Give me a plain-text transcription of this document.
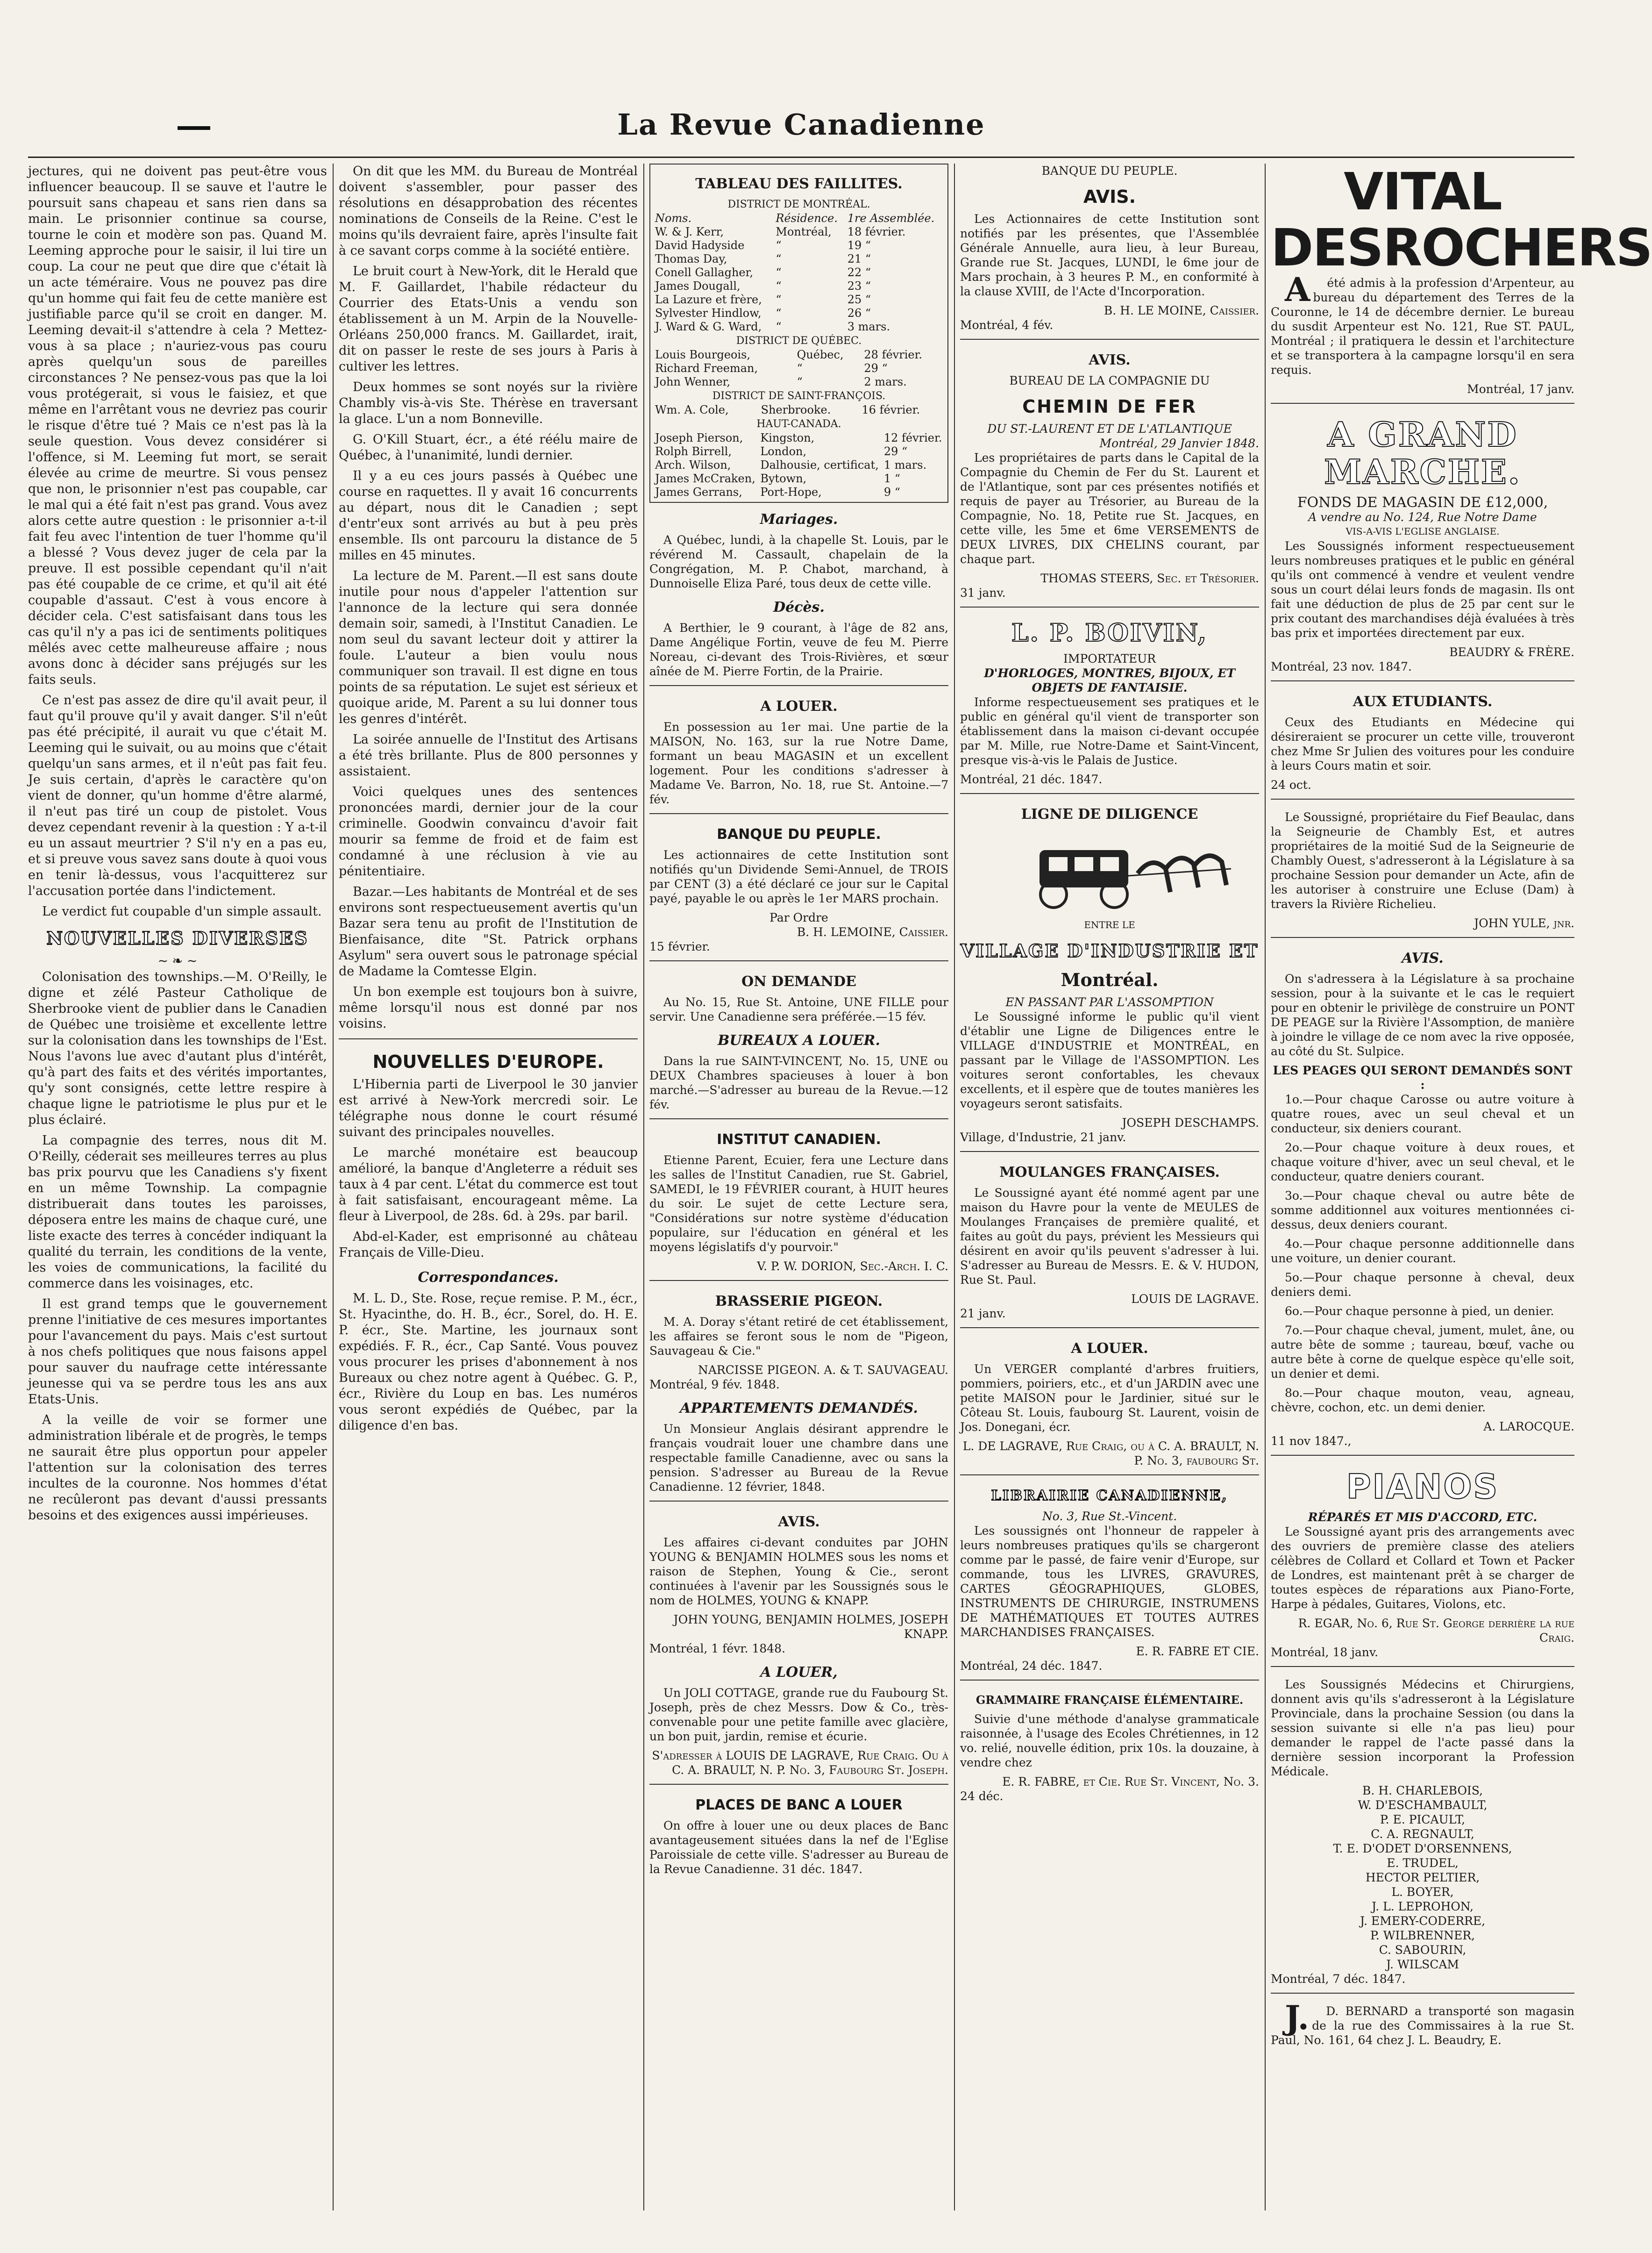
La Revue Canadienne

jectures, qui ne doivent pas peut-être vous influencer beaucoup. Il se sauve et l'autre le poursuit sans chapeau et sans rien dans sa main. Le prisonnier continue sa course, tourne le coin et modère son pas. Quand M. Leeming approche pour le saisir, il lui tire un coup. La cour ne peut que dire que c'était là un acte téméraire. Vous ne pouvez pas dire qu'un homme qui fait feu de cette manière est justifiable parce qu'il se croit en danger. M. Leeming devait-il s'attendre à cela ? Mettez-vous à sa place ; n'auriez-vous pas couru après quelqu'un sous de pareilles circonstances ? Ne pensez-vous pas que la loi vous protégerait, si vous le faisiez, et que même en l'arrêtant vous ne devriez pas courir le risque d'être tué ? Mais ce n'est pas là la seule question. Vous devez considérer si l'offence, si M. Leeming fut mort, se serait élevée au crime de meurtre. Si vous pensez que non, le prisonnier n'est pas coupable, car le mal qui a été fait n'est pas grand. Vous avez alors cette autre question : le prisonnier a-t-il fait feu avec l'intention de tuer l'homme qu'il a blessé ? Vous devez juger de cela par la preuve. Il est possible cependant qu'il n'ait pas été coupable de ce crime, et qu'il ait été coupable d'assaut. C'est à vous encore à décider cela. C'est satisfaisant dans tous les cas qu'il n'y a pas ici de sentiments politiques mêlés avec cette malheureuse affaire ; nous avons donc à décider sans préjugés sur les faits seuls.

Ce n'est pas assez de dire qu'il avait peur, il faut qu'il prouve qu'il y avait danger. S'il n'eût pas été précipité, il aurait vu que c'était M. Leeming qui le suivait, ou au moins que c'était quelqu'un sans armes, et il n'eût pas fait feu. Je suis certain, d'après le caractère qu'on vient de donner, qu'un homme d'être alarmé, il n'eut pas tiré un coup de pistolet. Vous devez cependant revenir à la question : Y a-t-il eu un assaut meurtrier ? S'il n'y en a pas eu, et si preuve vous savez sans doute à quoi vous en tenir là-dessus, vous l'acquitterez sur l'accusation portée dans l'indictement.

Le verdict fut coupable d'un simple assault.

NOUVELLES DIVERSES
~ ❧ ~

Colonisation des townships.—M. O'Reilly, le digne et zélé Pasteur Catholique de Sherbrooke vient de publier dans le Canadien de Québec une troisième et excellente lettre sur la colonisation dans les townships de l'Est. Nous l'avons lue avec d'autant plus d'intérêt, qu'à part des faits et des vérités importantes, qu'y sont consignés, cette lettre respire à chaque ligne le patriotisme le plus pur et le plus éclairé.

La compagnie des terres, nous dit M. O'Reilly, céderait ses meilleures terres au plus bas prix pourvu que les Canadiens s'y fixent en un même Township. La compagnie distribuerait dans toutes les paroisses, déposera entre les mains de chaque curé, une liste exacte des terres à concéder indiquant la qualité du terrain, les conditions de la vente, les voies de communications, la facilité du commerce dans les voisinages, etc.

Il est grand temps que le gouvernement prenne l'initiative de ces mesures importantes pour l'avancement du pays. Mais c'est surtout à nos chefs politiques que nous faisons appel pour sauver du naufrage cette intéressante jeunesse qui va se perdre tous les ans aux Etats-Unis.

A la veille de voir se former une administration libérale et de progrès, le temps ne saurait être plus opportun pour appeler l'attention sur la colonisation des terres incultes de la couronne. Nos hommes d'état ne recûleront pas devant d'aussi pressants besoins et des exigences aussi impérieuses.

On dit que les MM. du Bureau de Montréal doivent s'assembler, pour passer des résolutions en désapprobation des récentes nominations de Conseils de la Reine. C'est le moins qu'ils devraient faire, après l'insulte fait à ce savant corps comme à la société entière.

Le bruit court à New-York, dit le Herald que M. F. Gaillardet, l'habile rédacteur du Courrier des Etats-Unis a vendu son établissement à un M. Arpin de la Nouvelle-Orléans 250,000 francs. M. Gaillardet, irait, dit on passer le reste de ses jours à Paris à cultiver les lettres.

Deux hommes se sont noyés sur la rivière Chambly vis-à-vis Ste. Thérèse en traversant la glace. L'un a nom Bonneville.

G. O'Kill Stuart, écr., a été réélu maire de Québec, à l'unanimité, lundi dernier.

Il y a eu ces jours passés à Québec une course en raquettes. Il y avait 16 concurrents au départ, nous dit le Canadien ; sept d'entr'eux sont arrivés au but à peu près ensemble. Ils ont parcouru la distance de 5 milles en 45 minutes.

La lecture de M. Parent.—Il est sans doute inutile pour nous d'appeler l'attention sur l'annonce de la lecture qui sera donnée demain soir, samedi, à l'Institut Canadien. Le nom seul du savant lecteur doit y attirer la foule. L'auteur a bien voulu nous communiquer son travail. Il est digne en tous points de sa réputation. Le sujet est sérieux et quoique aride, M. Parent a su lui donner tous les genres d'intérêt.

La soirée annuelle de l'Institut des Artisans a été très brillante. Plus de 800 personnes y assistaient.

Voici quelques unes des sentences prononcées mardi, dernier jour de la cour criminelle. Goodwin convaincu d'avoir fait mourir sa femme de froid et de faim est condamné à une réclusion à vie au pénitentiaire.

Bazar.—Les habitants de Montréal et de ses environs sont respectueusement avertis qu'un Bazar sera tenu au profit de l'Institution de Bienfaisance, dite "St. Patrick orphans Asylum" sera ouvert sous le patronage spécial de Madame la Comtesse Elgin.

Un bon exemple est toujours bon à suivre, même lorsqu'il nous est donné par nos voisins.

NOUVELLES D'EUROPE.

L'Hibernia parti de Liverpool le 30 janvier est arrivé à New-York mercredi soir. Le télégraphe nous donne le court résumé suivant des principales nouvelles.

Le marché monétaire est beaucoup amélioré, la banque d'Angleterre a réduit ses taux à 4 par cent. L'état du commerce est tout à fait satisfaisant, encourageant même. La fleur à Liverpool, de 28s. 6d. à 29s. par baril.

Abd-el-Kader, est emprisonné au château Français de Ville-Dieu.

Correspondances.

M. L. D., Ste. Rose, reçue remise. P. M., écr., St. Hyacinthe, do. H. B., écr., Sorel, do. H. E. P. écr., Ste. Martine, les journaux sont expédiés. F. R., écr., Cap Santé. Vous pouvez vous procurer les prises d'abonnement à nos Bureaux ou chez notre agent à Québec. G. P., écr., Rivière du Loup en bas. Les numéros vous seront expédiés de Québec, par la diligence d'en bas.

TABLEAU DES FAILLITES.
DISTRICT DE MONTRÉAL.
Noms.	Résidence.	1re Assemblée.
W. & J. Kerr,	Montréal,	18 février.
David Hadyside	“	19 “
Thomas Day,	“	21 “
Conell Gallagher,	“	22 “
James Dougall,	“	23 “
La Lazure et frère,	“	25 “
Sylvester Hindlow,	“	26 “
J. Ward & G. Ward,	“	3 mars.
DISTRICT DE QUÉBEC.
Louis Bourgeois,	Québec,	28 février.
Richard Freeman,	“	29 “
John Wenner,	“	2 mars.
DISTRICT DE SAINT-FRANÇOIS.
Wm. A. Cole,	Sherbrooke.	16 février.
HAUT-CANADA.
Joseph Pierson,	Kingston,	12 février.
Rolph Birrell,	London,	29 “
Arch. Wilson,	Dalhousie, certificat,	1 mars.
James McCraken,	Bytown,	1 “
James Gerrans,	Port-Hope,	9 “
Mariages.

A Québec, lundi, à la chapelle St. Louis, par le révérend M. Cassault, chapelain de la Congrégation, M. P. Chabot, marchand, à Dunnoiselle Eliza Paré, tous deux de cette ville.

Décès.

A Berthier, le 9 courant, à l'âge de 82 ans, Dame Angélique Fortin, veuve de feu M. Pierre Noreau, ci-devant des Trois-Rivières, et sœur aînée de M. Pierre Fortin, de la Prairie.

A LOUER.

En possession au 1er mai. Une partie de la MAISON, No. 163, sur la rue Notre Dame, formant un beau MAGASIN et un excellent logement. Pour les conditions s'adresser à Madame Ve. Barron, No. 18, rue St. Antoine.—7 fév.

BANQUE DU PEUPLE.

Les actionnaires de cette Institution sont notifiés qu'un Dividende Semi-Annuel, de TROIS par CENT (3) a été déclaré ce jour sur le Capital payé, payable le ou après le 1er MARS prochain.

Par Ordre
B. H. LEMOINE, Caissier.
15 février.
ON DEMANDE

Au No. 15, Rue St. Antoine, UNE FILLE pour servir. Une Canadienne sera préférée.—15 fév.

BUREAUX A LOUER.

Dans la rue SAINT-VINCENT, No. 15, UNE ou DEUX Chambres spacieuses à louer à bon marché.—S'adresser au bureau de la Revue.—12 fév.

INSTITUT CANADIEN.

Etienne Parent, Ecuier, fera une Lecture dans les salles de l'Institut Canadien, rue St. Gabriel, SAMEDI, le 19 FÉVRIER courant, à HUIT heures du soir. Le sujet de cette Lecture sera, "Considérations sur notre système d'éducation populaire, sur l'éducation en général et les moyens législatifs d'y pourvoir."

V. P. W. DORION, Sec.-Arch. I. C.
BRASSERIE PIGEON.

M. A. Doray s'étant retiré de cet établissement, les affaires se feront sous le nom de "Pigeon, Sauvageau & Cie."

NARCISSE PIGEON. A. & T. SAUVAGEAU.
Montréal, 9 fév. 1848.
APPARTEMENTS DEMANDÉS.

Un Monsieur Anglais désirant apprendre le français voudrait louer une chambre dans une respectable famille Canadienne, avec ou sans la pension. S'adresser au Bureau de la Revue Canadienne. 12 février, 1848.

AVIS.

Les affaires ci-devant conduites par JOHN YOUNG & BENJAMIN HOLMES sous les noms et raison de Stephen, Young & Cie., seront continuées à l'avenir par les Soussignés sous le nom de HOLMES, YOUNG & KNAPP.

JOHN YOUNG, BENJAMIN HOLMES, JOSEPH KNAPP.
Montréal, 1 févr. 1848.
A LOUER,

Un JOLI COTTAGE, grande rue du Faubourg St. Joseph, près de chez Messrs. Dow & Co., très-convenable pour une petite famille avec glacière, un bon puit, jardin, remise et écurie.

S'adresser à LOUIS DE LAGRAVE, Rue Craig. Ou à C. A. BRAULT, N. P. No. 3, Faubourg St. Joseph.
PLACES DE BANC A LOUER

On offre à louer une ou deux places de Banc avantageusement situées dans la nef de l'Eglise Paroissiale de cette ville. S'adresser au Bureau de la Revue Canadienne. 31 déc. 1847.

BANQUE DU PEUPLE.
AVIS.

Les Actionnaires de cette Institution sont notifiés par les présentes, que l'Assemblée Générale Annuelle, aura lieu, à leur Bureau, Grande rue St. Jacques, LUNDI, le 6me jour de Mars prochain, à 3 heures P. M., en conformité à la clause XVIII, de l'Acte d'Incorporation.

B. H. LE MOINE, Caissier.
Montréal, 4 fév.
AVIS.
BUREAU DE LA COMPAGNIE DU
CHEMIN DE FER
DU ST.-LAURENT ET DE L'ATLANTIQUE
Montréal, 29 Janvier 1848.

Les propriétaires de parts dans le Capital de la Compagnie du Chemin de Fer du St. Laurent et de l'Atlantique, sont par ces présentes notifiés et requis de payer au Trésorier, au Bureau de la Compagnie, No. 18, Petite rue St. Jacques, en cette ville, les 5me et 6me VERSEMENTS de DEUX LIVRES, DIX CHELINS courant, par chaque part.

THOMAS STEERS, Sec. et Trésorier.
31 janv.
L. P. BOIVIN,
IMPORTATEUR
D'HORLOGES, MONTRES, BIJOUX, ET OBJETS DE FANTAISIE.

Informe respectueusement ses pratiques et le public en général qu'il vient de transporter son établissement dans la maison ci-devant occupée par M. Mille, rue Notre-Dame et Saint-Vincent, presque vis-à-vis le Palais de Justice.

Montréal, 21 déc. 1847.
LIGNE DE DILIGENCE
ENTRE LE
VILLAGE D'INDUSTRIE ET
Montréal.
EN PASSANT PAR L'ASSOMPTION

Le Soussigné informe le public qu'il vient d'établir une Ligne de Diligences entre le VILLAGE d'INDUSTRIE et MONTRÉAL, en passant par le Village de l'ASSOMPTION. Les voitures seront confortables, les chevaux excellents, et il espère que de toutes manières les voyageurs seront satisfaits.

JOSEPH DESCHAMPS.
Village, d'Industrie, 21 janv.
MOULANGES FRANÇAISES.

Le Soussigné ayant été nommé agent par une maison du Havre pour la vente de MEULES de Moulanges Françaises de première qualité, et faites au goût du pays, prévient les Messieurs qui désirent en avoir qu'ils peuvent s'adresser à lui. S'adresser au Bureau de Messrs. E. & V. HUDON, Rue St. Paul.

LOUIS DE LAGRAVE.
21 janv.
A LOUER.

Un VERGER complanté d'arbres fruitiers, pommiers, poiriers, etc., et d'un JARDIN avec une petite MAISON pour le Jardinier, situé sur le Côteau St. Louis, faubourg St. Laurent, voisin de Jos. Donegani, écr.

L. DE LAGRAVE, Rue Craig, ou à C. A. BRAULT, N. P. No. 3, faubourg St.
LIBRAIRIE CANADIENNE,
No. 3, Rue St.-Vincent.

Les soussignés ont l'honneur de rappeler à leurs nombreuses pratiques qu'ils se chargeront comme par le passé, de faire venir d'Europe, sur commande, tous les LIVRES, GRAVURES, CARTES GÉOGRAPHIQUES, GLOBES, INSTRUMENTS DE CHIRURGIE, INSTRUMENS DE MATHÉMATIQUES ET TOUTES AUTRES MARCHANDISES FRANÇAISES.

E. R. FABRE ET CIE.
Montréal, 24 déc. 1847.
GRAMMAIRE FRANÇAISE ÉLÉMENTAIRE.

Suivie d'une méthode d'analyse grammaticale raisonnée, à l'usage des Ecoles Chrétiennes, in 12 vo. relié, nouvelle édition, prix 10s. la douzaine, à vendre chez

E. R. FABRE, et Cie. Rue St. Vincent, No. 3.
24 déc.
VITAL DESROCHERS

Aété admis à la profession d'Arpenteur, au bureau du département des Terres de la Couronne, le 14 de décembre dernier. Le bureau du susdit Arpenteur est No. 121, Rue ST. PAUL, Montréal ; il pratiquera le dessin et l'architecture et se transportera à la campagne lorsqu'il en sera requis.

Montréal, 17 janv.
A GRAND MARCHE.
FONDS DE MAGASIN DE £12,000,
A vendre au No. 124, Rue Notre Dame
VIS-A-VIS L'EGLISE ANGLAISE.

Les Soussignés informent respectueusement leurs nombreuses pratiques et le public en général qu'ils ont commencé à vendre et veulent vendre sous un court délai leurs fonds de magasin. Ils ont fait une déduction de plus de 25 par cent sur le prix coutant des marchandises déjà évaluées à très bas prix et importées directement par eux.

BEAUDRY & FRÈRE.
Montréal, 23 nov. 1847.
AUX ETUDIANTS.

Ceux des Etudiants en Médecine qui désireraient se procurer un cette ville, trouveront chez Mme Sr Julien des voitures pour les conduire à leurs Cours matin et soir.

24 oct.

Le Soussigné, propriétaire du Fief Beaulac, dans la Seigneurie de Chambly Est, et autres propriétaires de la moitié Sud de la Seigneurie de Chambly Ouest, s'adresseront à la Législature à sa prochaine Session pour demander un Acte, afin de les autoriser à construire une Ecluse (Dam) à travers la Rivière Richelieu.

JOHN YULE, jnr.
AVIS.

On s'adressera à la Législature à sa prochaine session, pour à la suivante et le cas le requiert pour en obtenir le privilège de construire un PONT DE PEAGE sur la Rivière l'Assomption, de manière à joindre le village de ce nom avec la rive opposée, au côté du St. Sulpice.

LES PEAGES QUI SERONT DEMANDÉS SONT :

1o.—Pour chaque Carosse ou autre voiture à quatre roues, avec un seul cheval et un conducteur, six deniers courant.

2o.—Pour chaque voiture à deux roues, et chaque voiture d'hiver, avec un seul cheval, et le conducteur, quatre deniers courant.

3o.—Pour chaque cheval ou autre bête de somme additionnel aux voitures mentionnées ci-dessus, deux deniers courant.

4o.—Pour chaque personne additionnelle dans une voiture, un denier courant.

5o.—Pour chaque personne à cheval, deux deniers demi.

6o.—Pour chaque personne à pied, un denier.

7o.—Pour chaque cheval, jument, mulet, âne, ou autre bête de somme ; taureau, bœuf, vache ou autre bête à corne de quelque espèce qu'elle soit, un denier et demi.

8o.—Pour chaque mouton, veau, agneau, chèvre, cochon, etc. un demi denier.

A. LAROCQUE.
11 nov 1847.,
PIANOS
RÉPARÉS ET MIS D'ACCORD, ETC.

Le Soussigné ayant pris des arrangements avec des ouvriers de première classe des ateliers célèbres de Collard et Collard et Town et Packer de Londres, est maintenant prêt à se charger de toutes espèces de réparations aux Piano-Forte, Harpe à pédales, Guitares, Violons, etc.

R. EGAR, No. 6, Rue St. George derrière la rue Craig.
Montréal, 18 janv.

Les Soussignés Médecins et Chirurgiens, donnent avis qu'ils s'adresseront à la Législature Provinciale, dans la prochaine Session (ou dans la session suivante si elle n'a pas lieu) pour demander le rappel de l'acte passé dans la dernière session incorporant la Profession Médicale.

B. H. CHARLEBOIS,
W. D'ESCHAMBAULT,
P. E. PICAULT,
C. A. REGNAULT,
T. E. D'ODET D'ORSENNENS,
E. TRUDEL,
HECTOR PELTIER,
L. BOYER,
J. L. LEPROHON,
J. EMERY-CODERRE,
P. WILBRENNER,
C. SABOURIN,
J. WILSCAM
Montréal, 7 déc. 1847.

J.D. BERNARD a transporté son magasin de la rue des Commissaires à la rue St. Paul, No. 161, 64 chez J. L. Beaudry, E.
